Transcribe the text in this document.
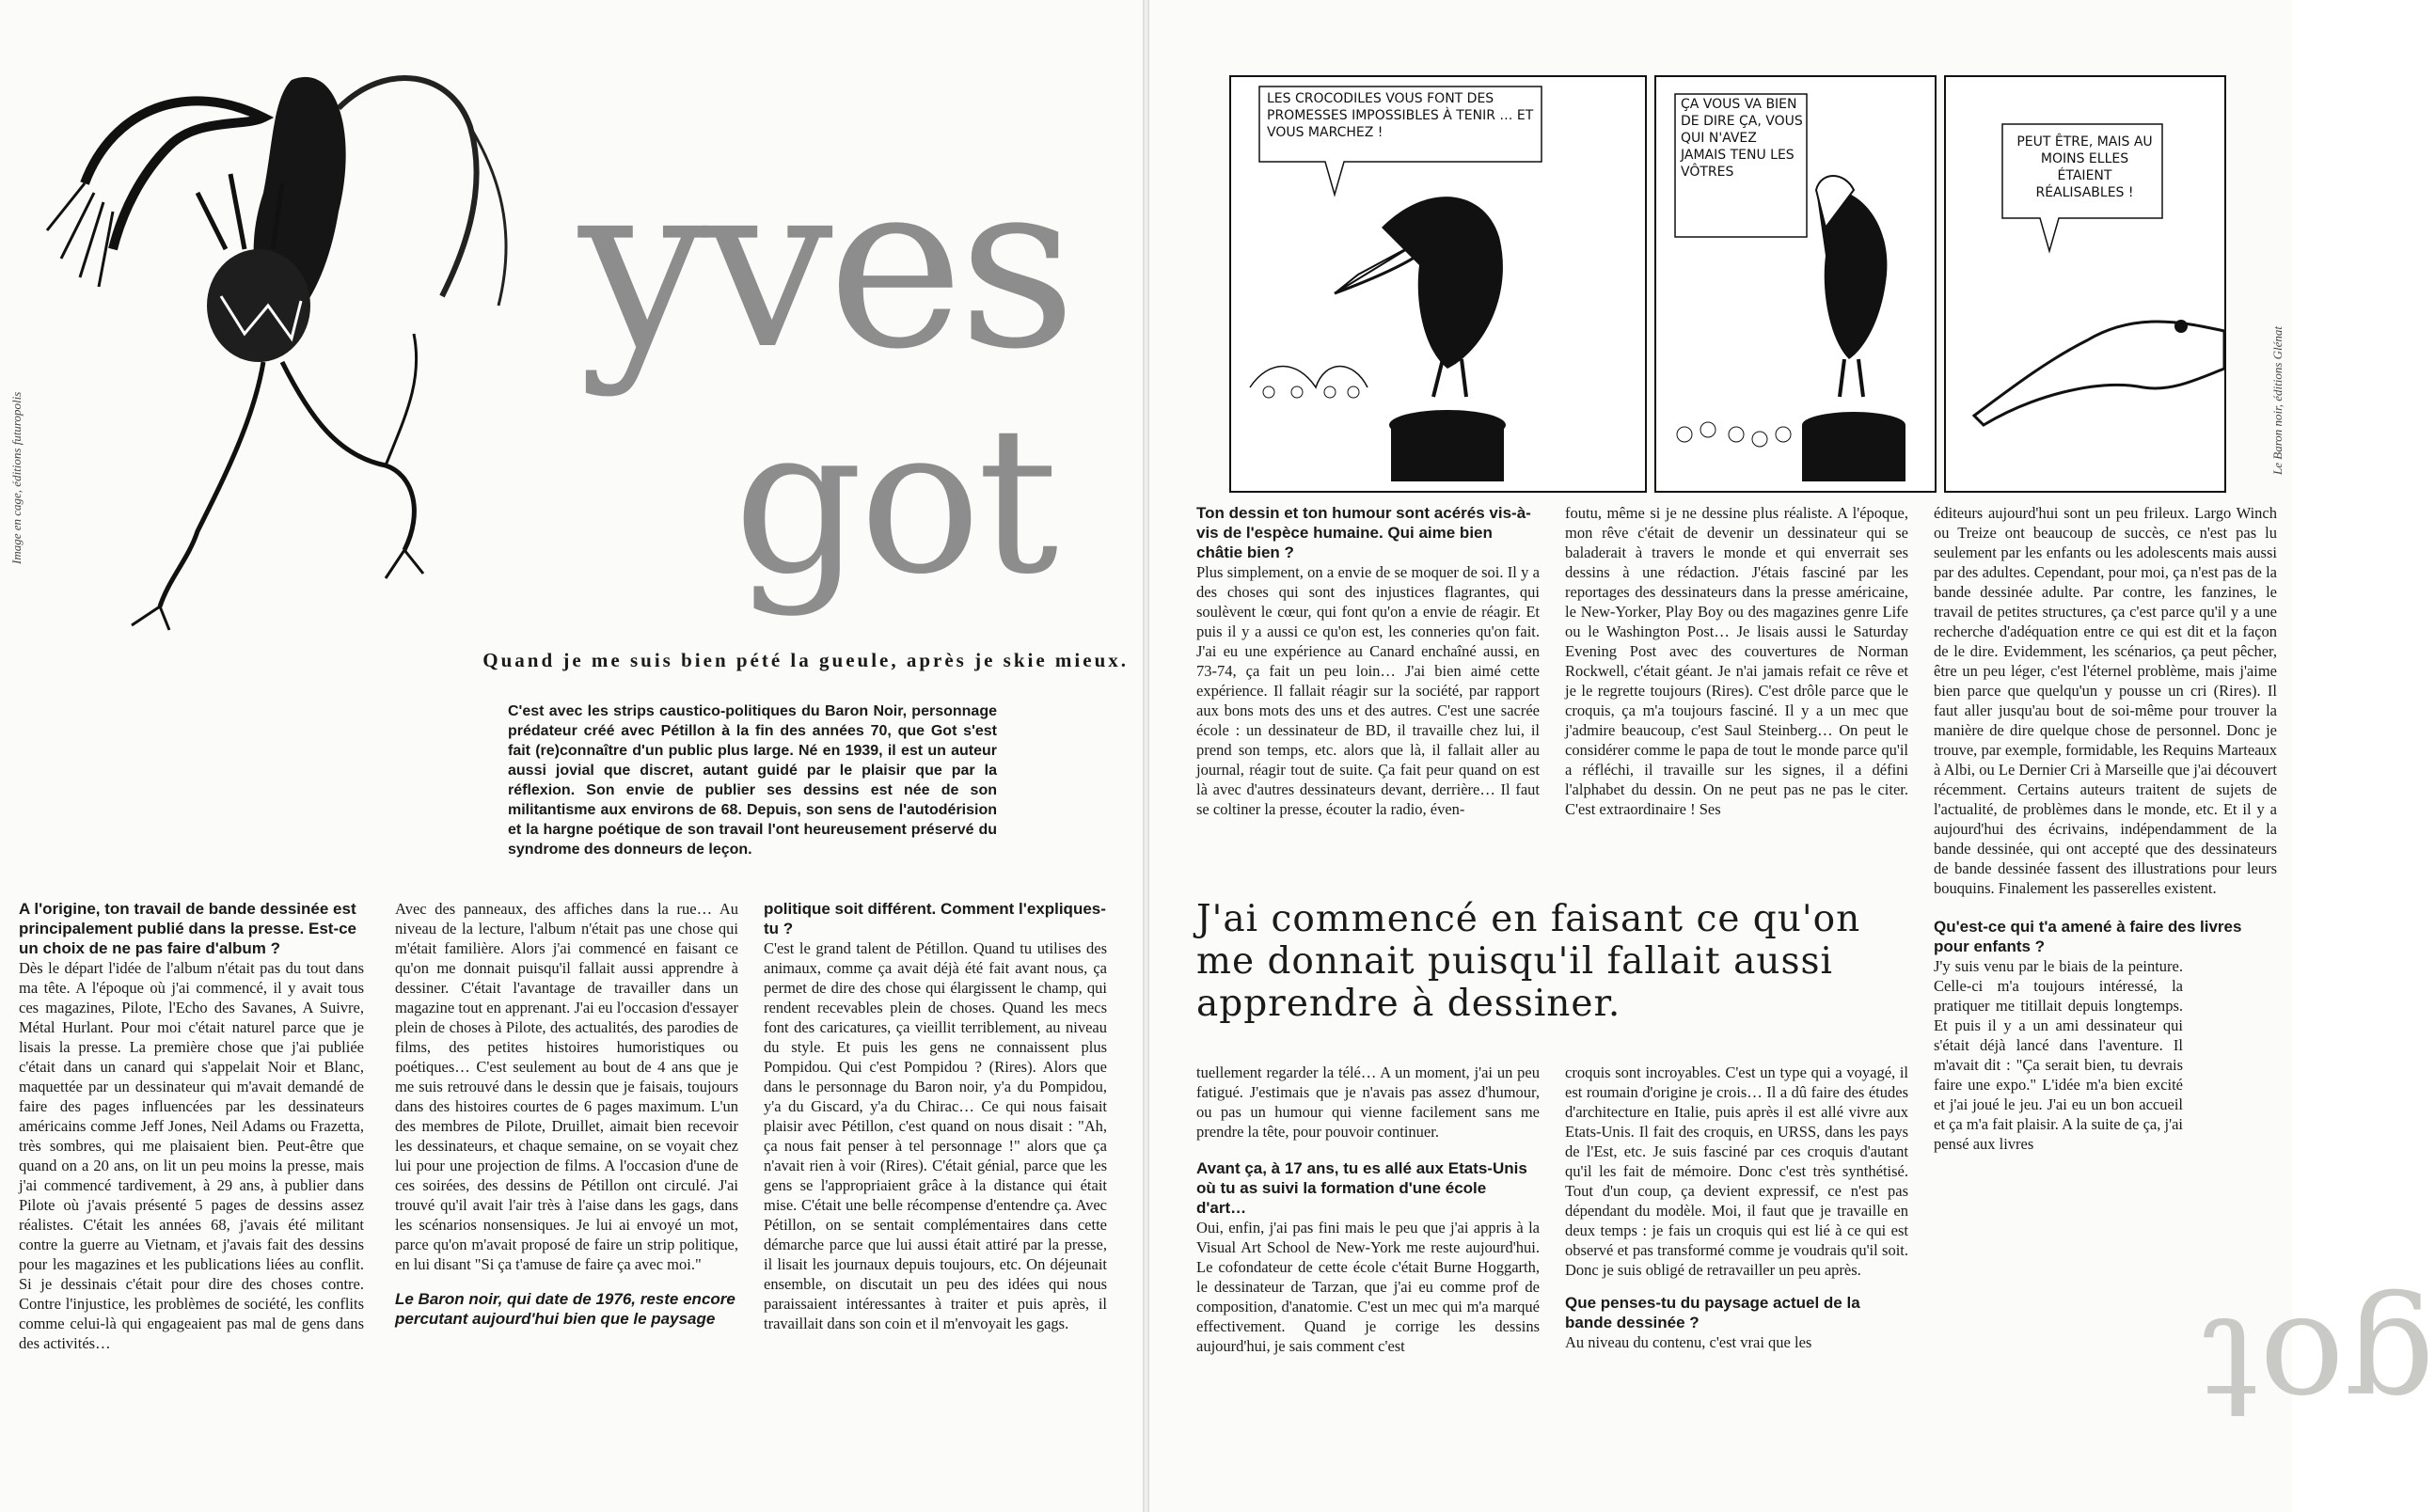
Image en cage, éditions futuropolis
yves
got
Quand je me suis bien pété la gueule, après je skie mieux.
C'est avec les strips caustico-politiques du Baron Noir, personnage prédateur créé avec Pétillon à la fin des années 70, que Got s'est fait (re)connaître d'un public plus large. Né en 1939, il est un auteur aussi jovial que discret, autant guidé par le plaisir que par la réflexion. Son envie de publier ses dessins est née de son militantisme aux environs de 68. Depuis, son sens de l'autodérision et la hargne poétique de son travail l'ont heureusement préservé du syndrome des donneurs de leçon.

A l'origine, ton travail de bande dessinée est principalement publié dans la presse. Est-ce un choix de ne pas faire d'album ?

Dès le départ l'idée de l'album n'était pas du tout dans ma tête. A l'époque où j'ai commencé, il y avait tous ces magazines, Pilote, l'Echo des Savanes, A Suivre, Métal Hurlant. Pour moi c'était naturel parce que je lisais la presse. La première chose que j'ai publiée c'était dans un canard qui s'appelait Noir et Blanc, maquettée par un dessinateur qui m'avait demandé de faire des pages influencées par les dessinateurs américains comme Jeff Jones, Neil Adams ou Frazetta, très sombres, qui me plaisaient bien. Peut-être que quand on a 20 ans, on lit un peu moins la presse, mais j'ai commencé tardivement, à 29 ans, à publier dans Pilote où j'avais présenté 5 pages de dessins assez réalistes. C'était les années 68, j'avais été militant contre la guerre au Vietnam, et j'avais fait des dessins pour les magazines et les publications liées au conflit. Si je dessinais c'était pour dire des choses contre. Contre l'injustice, les problèmes de société, les conflits comme celui-là qui engageaient pas mal de gens dans des activités…

Avec des panneaux, des affiches dans la rue… Au niveau de la lecture, l'album n'était pas une chose qui m'était familière. Alors j'ai commencé en faisant ce qu'on me donnait puisqu'il fallait aussi apprendre à dessiner. C'était l'avantage de travailler dans un magazine tout en apprenant. J'ai eu l'occasion d'essayer plein de choses à Pilote, des actualités, des parodies de films, des petites histoires humoristiques ou poétiques… C'est seulement au bout de 4 ans que je me suis retrouvé dans le dessin que je faisais, toujours dans des histoires courtes de 6 pages maximum. L'un des membres de Pilote, Druillet, aimait bien recevoir les dessinateurs, et chaque semaine, on se voyait chez lui pour une projection de films. A l'occasion d'une de ces soirées, des dessins de Pétillon ont circulé. J'ai trouvé qu'il avait l'air très à l'aise dans les gags, dans les scénarios nonsensiques. Je lui ai envoyé un mot, parce qu'on m'avait proposé de faire un strip politique, en lui disant "Si ça t'amuse de faire ça avec moi."

Le Baron noir, qui date de 1976, reste encore percutant aujourd'hui bien que le paysage

politique soit différent. Comment l'expliques-tu ?

C'est le grand talent de Pétillon. Quand tu utilises des animaux, comme ça avait déjà été fait avant nous, ça permet de dire des chose qui élargissent le champ, qui rendent recevables plein de choses. Quand les mecs font des caricatures, ça vieillit terriblement, au niveau du style. Et puis les gens ne connaissent plus Pompidou. Qui c'est Pompidou ? (Rires). Alors que dans le personnage du Baron noir, y'a du Pompidou, y'a du Giscard, y'a du Chirac… Ce qui nous faisait plaisir avec Pétillon, c'est quand on nous disait : "Ah, ça nous fait penser à tel personnage !" alors que ça n'avait rien à voir (Rires). C'était génial, parce que les gens se l'appropriaient grâce à la distance qui était mise. C'était une belle récompense d'entendre ça. Avec Pétillon, on se sentait complémentaires dans cette démarche parce que lui aussi était attiré par la presse, il lisait les journaux depuis toujours, etc. On déjeunait ensemble, on discutait un peu des idées qui nous paraissaient intéressantes à traiter et puis après, il travaillait dans son coin et il m'envoyait les gags.

LES CROCODILES VOUS FONT DES PROMESSES IMPOSSIBLES À TENIR … ET VOUS MARCHEZ !
ÇA VOUS VA BIEN DE DIRE ÇA, VOUS QUI N'AVEZ JAMAIS TENU LES VÔTRES
PEUT ÊTRE, MAIS AU MOINS ELLES ÉTAIENT RÉALISABLES !
Le Baron noir, éditions Glénat

Ton dessin et ton humour sont acérés vis-à-vis de l'espèce humaine. Qui aime bien châtie bien ?

Plus simplement, on a envie de se moquer de soi. Il y a des choses qui sont des injustices flagrantes, qui soulèvent le cœur, qui font qu'on a envie de réagir. Et puis il y a aussi ce qu'on est, les conneries qu'on fait. J'ai eu une expérience au Canard enchaîné aussi, en 73-74, ça fait un peu loin… J'ai bien aimé cette expérience. Il fallait réagir sur la société, par rapport aux bons mots des uns et des autres. C'est une sacrée école : un dessinateur de BD, il travaille chez lui, il prend son temps, etc. alors que là, il fallait aller au journal, réagir tout de suite. Ça fait peur quand on est là avec d'autres dessinateurs devant, derrière… Il faut se coltiner la presse, écouter la radio, éven-

foutu, même si je ne dessine plus réaliste. A l'époque, mon rêve c'était de devenir un dessinateur qui se baladerait à travers le monde et qui enverrait ses dessins à une rédaction. J'étais fasciné par les reportages des dessinateurs dans la presse américaine, le New-Yorker, Play Boy ou des magazines genre Life ou le Washington Post… Je lisais aussi le Saturday Evening Post avec des couvertures de Norman Rockwell, c'était géant. Je n'ai jamais refait ce rêve et je le regrette toujours (Rires). C'est drôle parce que le croquis, ça m'a toujours fasciné. Il y a un mec que j'admire beaucoup, c'est Saul Steinberg… On peut le considérer comme le papa de tout le monde parce qu'il a réfléchi, il travaille sur les signes, il a défini l'alphabet du dessin. On ne peut pas ne pas le citer. C'est extraordinaire ! Ses

éditeurs aujourd'hui sont un peu frileux. Largo Winch ou Treize ont beaucoup de succès, ce n'est pas lu seulement par les enfants ou les adolescents mais aussi par des adultes. Cependant, pour moi, ça n'est pas de la bande dessinée adulte. Par contre, les fanzines, le travail de petites structures, ça c'est parce qu'il y a une recherche d'adéquation entre ce qui est dit et la façon de le dire. Evidemment, les scénarios, ça peut pêcher, être un peu léger, c'est l'éternel problème, mais j'aime bien parce que quelqu'un y pousse un cri (Rires). Il faut aller jusqu'au bout de soi-même pour trouver la manière de dire quelque chose de personnel. Donc je trouve, par exemple, formidable, les Requins Marteaux à Albi, ou Le Dernier Cri à Marseille que j'ai découvert récemment. Certains auteurs traitent de sujets de l'actualité, de problèmes dans le monde, etc. Et il y a aujourd'hui des écrivains, indépendamment de la bande dessinée, qui ont accepté que des dessinateurs de bande dessinée fassent des illustrations pour leurs bouquins. Finalement les passerelles existent.

Qu'est-ce qui t'a amené à faire des livres pour enfants ?

J'y suis venu par le biais de la peinture. Celle-ci m'a toujours intéressé, la pratiquer me titillait depuis longtemps. Et puis il y a un ami dessinateur qui s'était déjà lancé dans l'aventure. Il m'avait dit : "Ça serait bien, tu devrais faire une expo." L'idée m'a bien excité et j'ai joué le jeu. J'ai eu un bon accueil et ça m'a fait plaisir. A la suite de ça, j'ai pensé aux livres

J'ai commencé en faisant ce qu'on me donnait puisqu'il fallait aussi apprendre à dessiner.

tuellement regarder la télé… A un moment, j'ai un peu fatigué. J'estimais que je n'avais pas assez d'humour, ou pas un humour qui vienne facilement sans me prendre la tête, pour pouvoir continuer.

Avant ça, à 17 ans, tu es allé aux Etats-Unis où tu as suivi la formation d'une école d'art…

Oui, enfin, j'ai pas fini mais le peu que j'ai appris à la Visual Art School de New-York me reste aujourd'hui. Le cofondateur de cette école c'était Burne Hoggarth, le dessinateur de Tarzan, que j'ai eu comme prof de composition, d'anatomie. C'est un mec qui m'a marqué effectivement. Quand je corrige les dessins aujourd'hui, je sais comment c'est

croquis sont incroyables. C'est un type qui a voyagé, il est roumain d'origine je crois… Il a dû faire des études d'architecture en Italie, puis après il est allé vivre aux Etats-Unis. Il fait des croquis, en URSS, dans les pays de l'Est, etc. Je suis fasciné par ces croquis d'autant qu'il les fait de mémoire. Donc c'est très synthétisé. Tout d'un coup, ça devient expressif, ce n'est pas dépendant du modèle. Moi, il faut que je travaille en deux temps : je fais un croquis qui est lié à ce qui est observé et pas transformé comme je voudrais qu'il soit. Donc je suis obligé de retravailler un peu après.

Que penses-tu du paysage actuel de la bande dessinée ?

Au niveau du contenu, c'est vrai que les	got
